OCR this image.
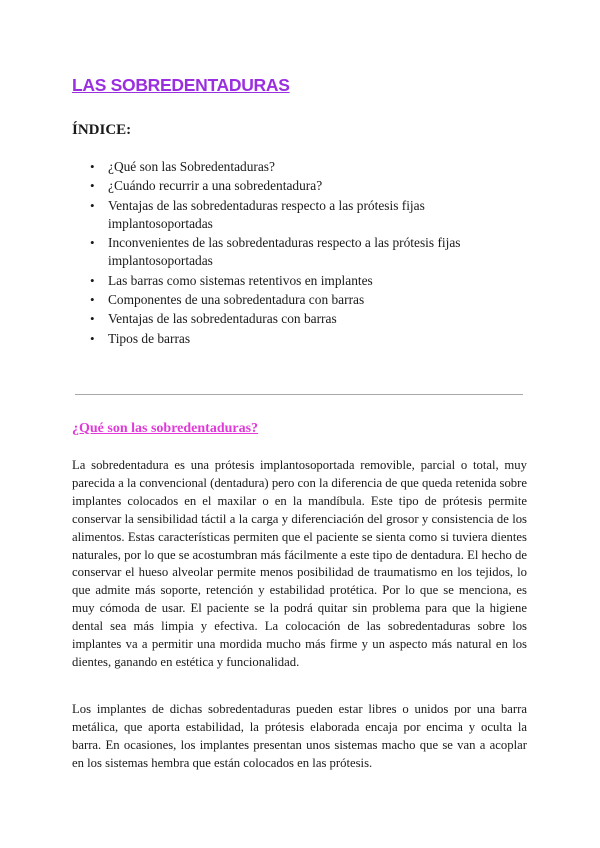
LAS SOBREDENTADURAS
ÍNDICE:
• ¿Qué son las Sobredentaduras?
• ¿Cuándo recurrir a una sobredentadura?
• Ventajas de las sobredentaduras respecto a las prótesis fijas implantosoportadas
• Inconvenientes de las sobredentaduras respecto a las prótesis fijas implantosoportadas
• Las barras como sistemas retentivos en implantes
• Componentes de una sobredentadura con barras
• Ventajas de las sobredentaduras con barras
• Tipos de barras
¿Qué son las sobredentaduras?

La sobredentadura es una prótesis implantosoportada removible, parcial o total, muy parecida a la convencional (dentadura) pero con la diferencia de que queda retenida sobre implantes colocados en el maxilar o en la mandíbula. Este tipo de prótesis permite conservar la sensibilidad táctil a la carga y diferenciación del grosor y consistencia de los alimentos. Estas características permiten que el paciente se sienta como si tuviera dientes naturales, por lo que se acostumbran más fácilmente a este tipo de dentadura. El hecho de conservar el hueso alveolar permite menos posibilidad de traumatismo en los tejidos, lo que admite más soporte, retención y estabilidad protética. Por lo que se menciona, es muy cómoda de usar. El paciente se la podrá quitar sin problema para que la higiene dental sea más limpia y efectiva. La colocación de las sobredentaduras sobre los implantes va a permitir una mordida mucho más firme y un aspecto más natural en los dientes, ganando en estética y funcionalidad.

Los implantes de dichas sobredentaduras pueden estar libres o unidos por una barra metálica, que aporta estabilidad, la prótesis elaborada encaja por encima y oculta la barra. En ocasiones, los implantes presentan unos sistemas macho que se van a acoplar en los sistemas hembra que están colocados en las prótesis.
